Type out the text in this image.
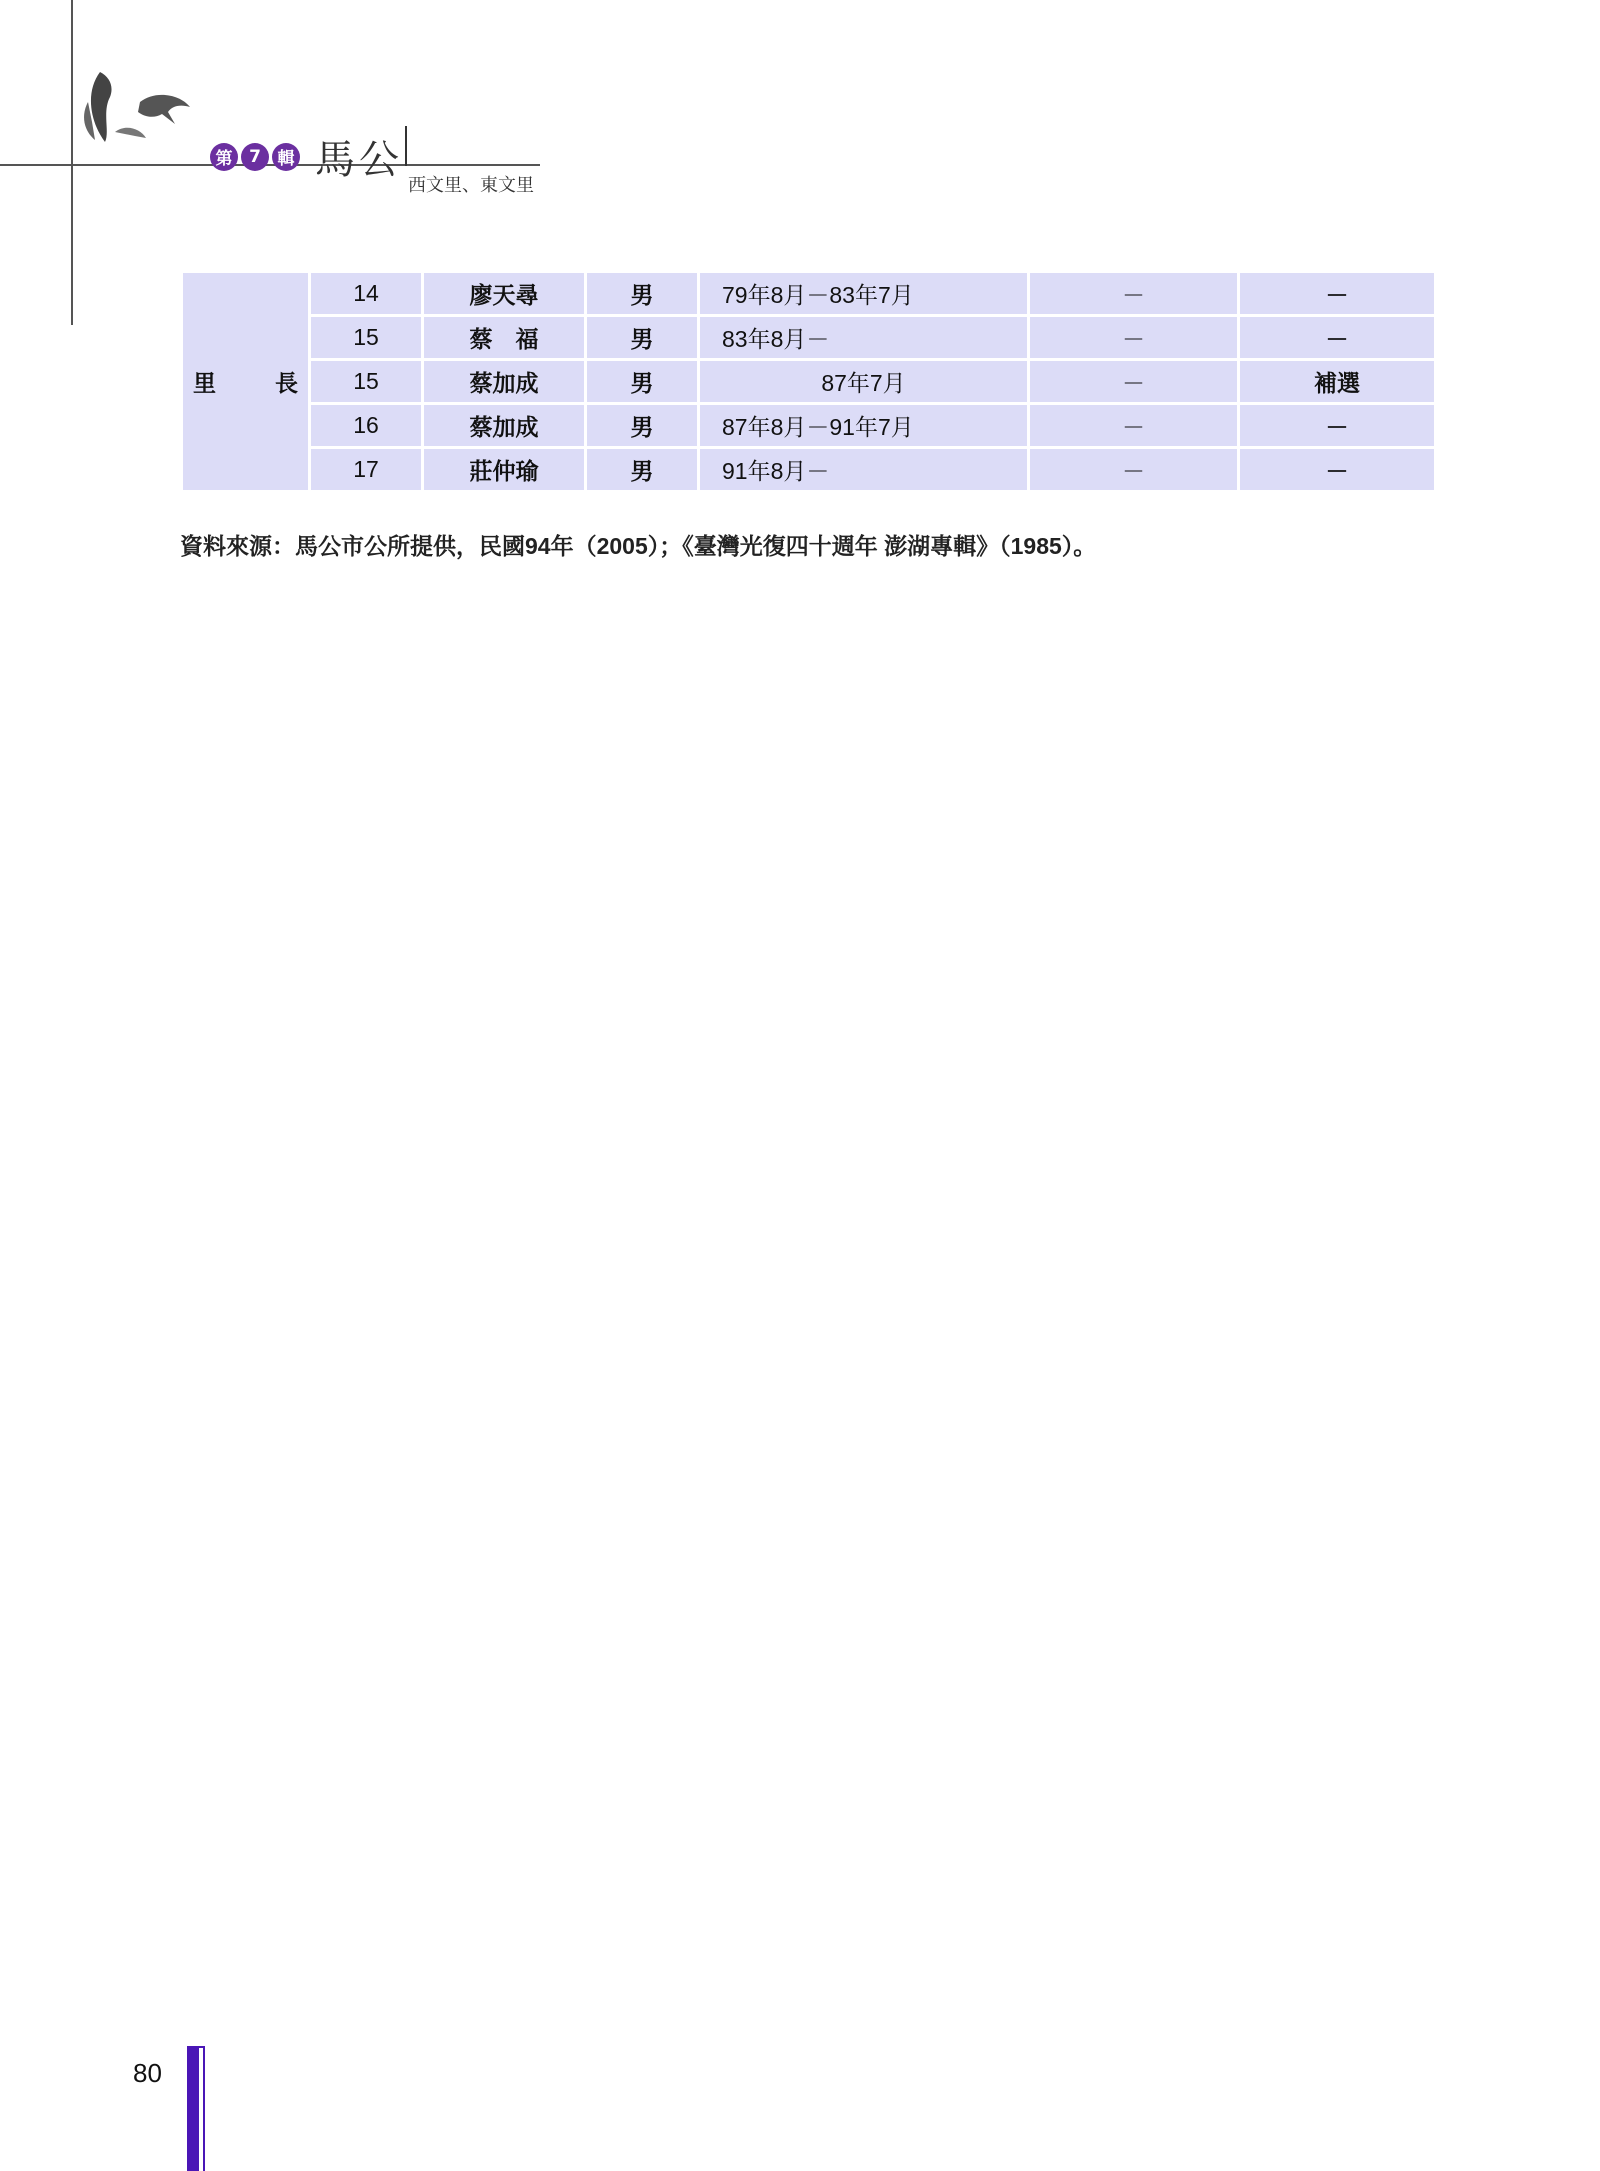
第 7 輯 馬公
西文里、東文里
里　　長	14	廖天尋	男	79年8月－83年7月	－	－
	15	蔡　福	男	83年8月－	－	－
	15	蔡加成	男	87年7月	－	補選
	16	蔡加成	男	87年8月－91年7月	－	－
	17	莊仲瑜	男	91年8月－	－	－
資料來源：馬公市公所提供，民國94年（2005）；《臺灣光復四十週年 澎湖專輯》（1985）。
80
